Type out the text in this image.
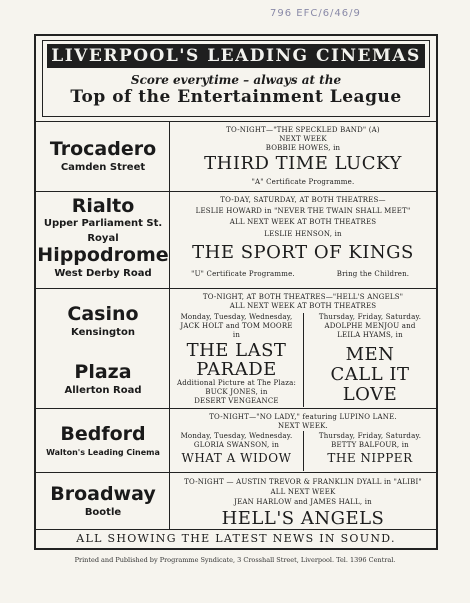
796 EFC/6/46/9
LIVERPOOL'S LEADING CINEMAS
Score everytime – always at the
Top of the Entertainment League
Trocadero
Camden Street
TO-NIGHT—"THE SPECKLED BAND" (A)
NEXT WEEK
BOBBIE HOWES, in
THIRD TIME LUCKY
"A" Certificate Programme.
Rialto
Upper Parliament St.
Royal
Hippodrome
West Derby Road
TO-DAY, SATURDAY, AT BOTH THEATRES—
LESLIE HOWARD in "NEVER THE TWAIN SHALL MEET"
ALL NEXT WEEK AT BOTH THEATRES
LESLIE HENSON, in
THE SPORT OF KINGS
"U" Certificate Programme.	Bring the Children.
Casino
Kensington
Plaza
Allerton Road
TO-NIGHT, AT BOTH THEATRES—"HELL'S ANGELS"
ALL NEXT WEEK AT BOTH THEATRES
Monday, Tuesday, Wednesday,
JACK HOLT and TOM MOORE
in
THE LAST
PARADE
Additional Picture at The Plaza:
BUCK JONES, in
DESERT VENGEANCE
Thursday, Friday, Saturday.
ADOLPHE MENJOU and
LEILA HYAMS, in
MEN
CALL IT
LOVE
Bedford
Walton's Leading Cinema
TO-NIGHT—"NO LADY," featuring LUPINO LANE.
NEXT WEEK.
Monday, Tuesday, Wednesday.
GLORIA SWANSON, in
WHAT A WIDOW
Thursday, Friday, Saturday.
BETTY BALFOUR, in
THE NIPPER
Broadway
Bootle
TO-NIGHT — AUSTIN TREVOR & FRANKLIN DYALL in "ALIBI"
ALL NEXT WEEK
JEAN HARLOW and JAMES HALL, in
HELL'S ANGELS
ALL SHOWING THE LATEST NEWS IN SOUND.
Printed and Published by Programme Syndicate, 3 Crosshall Street, Liverpool. Tel. 1396 Central.
